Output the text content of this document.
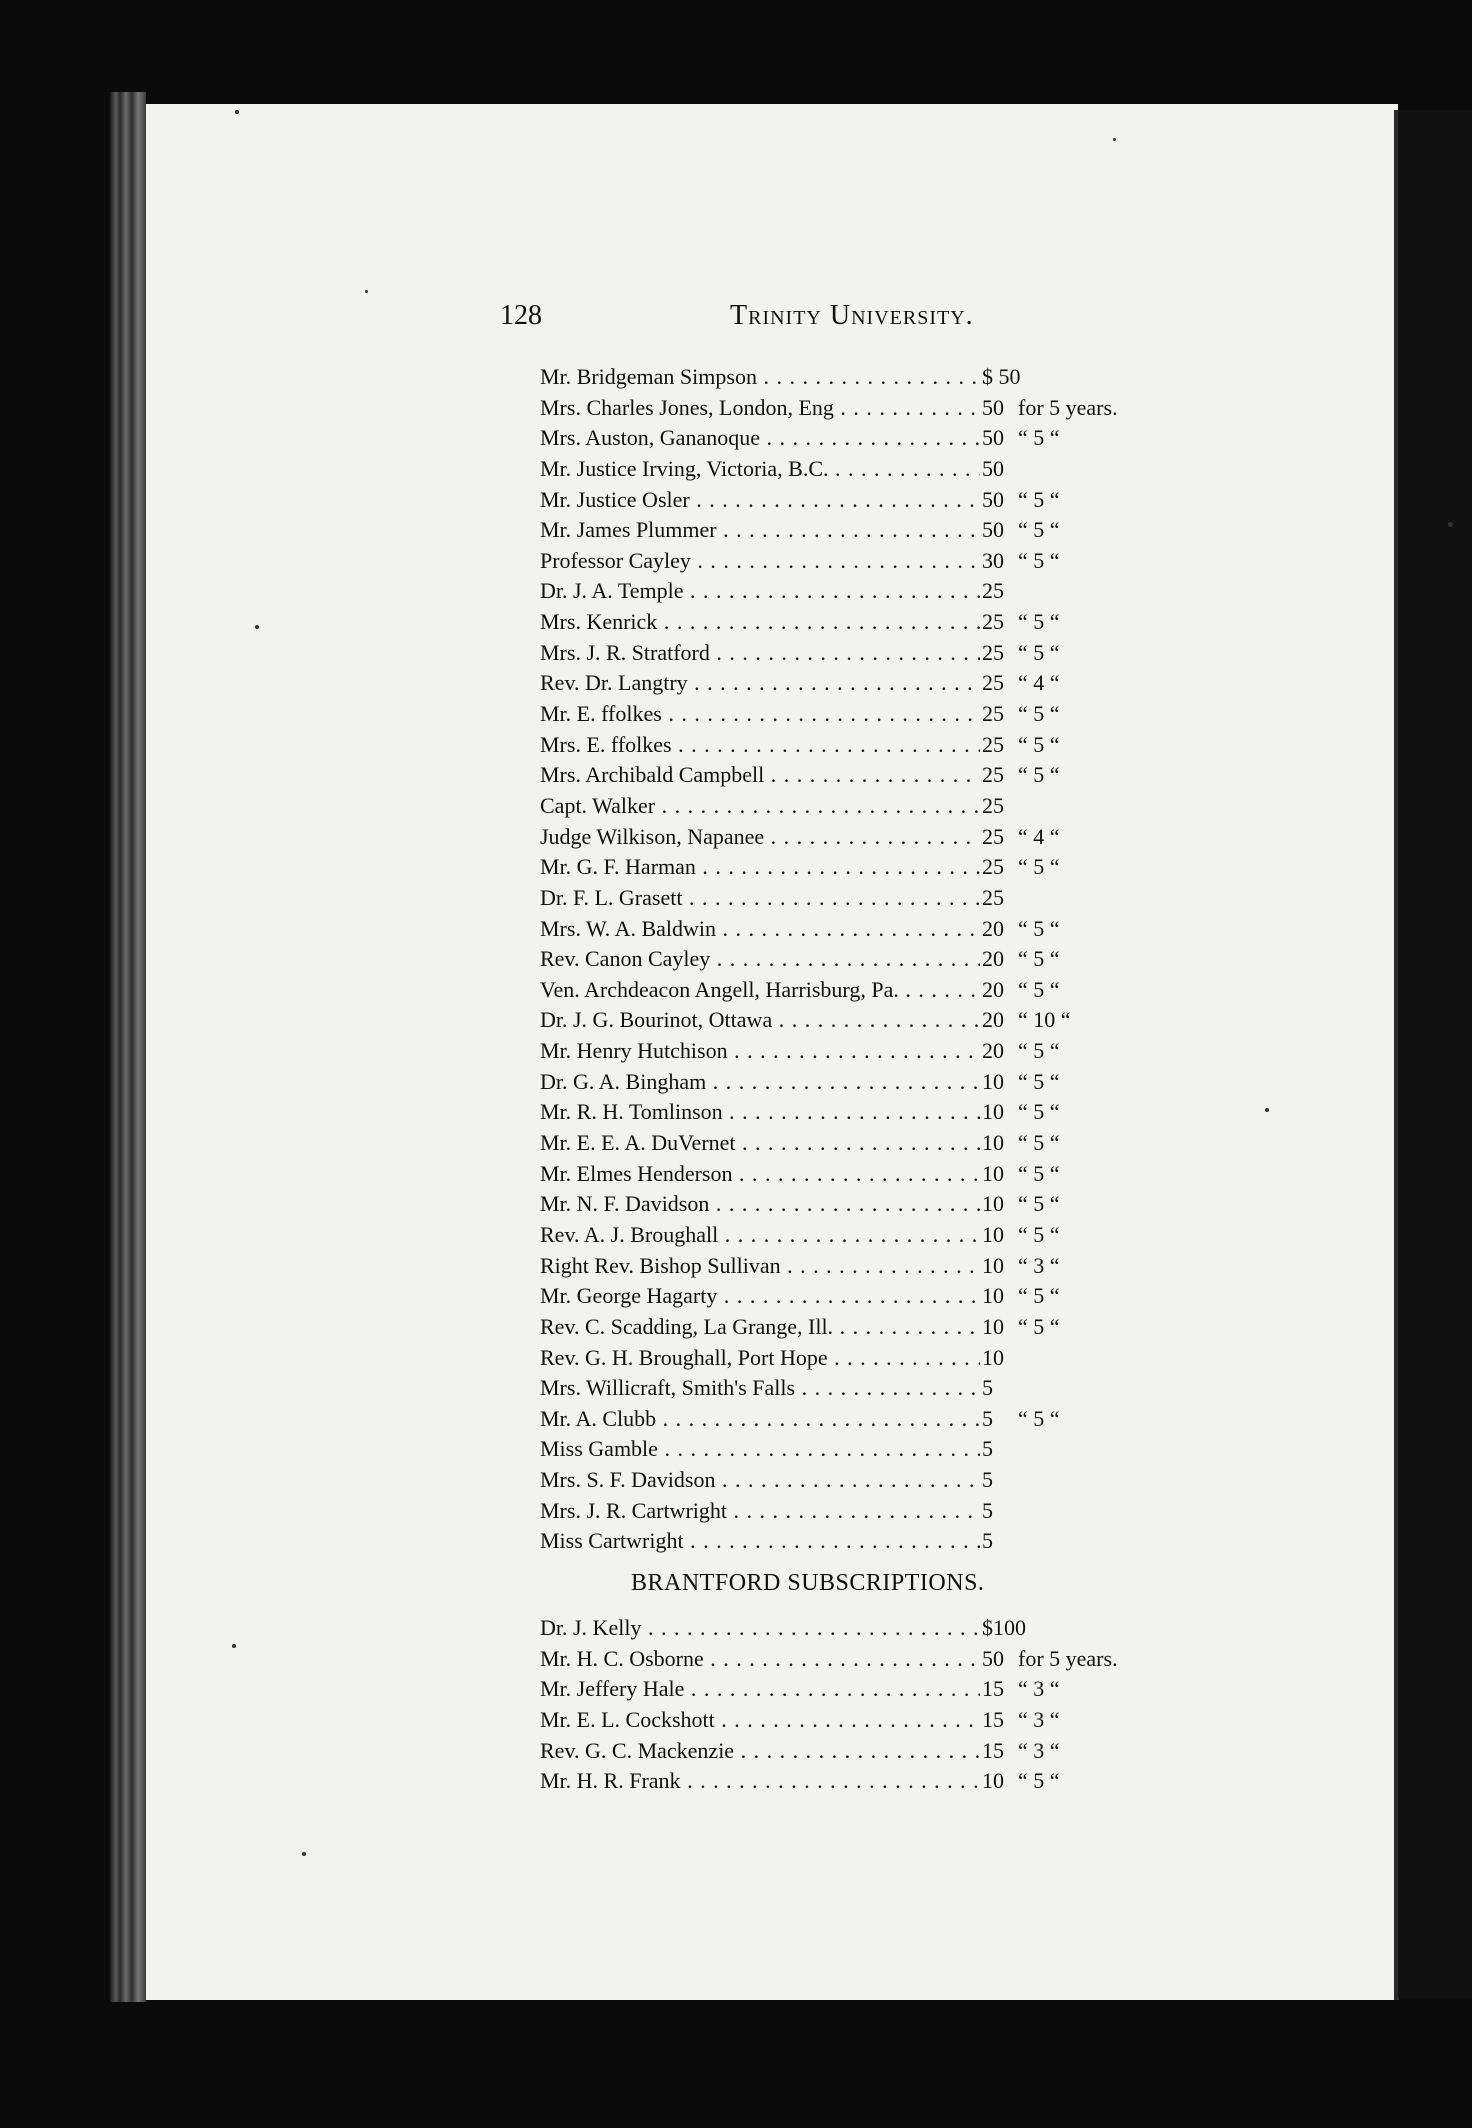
128	Trinity University.
Mr. Bridgeman Simpson . . .	$ 50
Mrs. Charles Jones, London, Eng . . .	50 for 5 years.
Mrs. Auston, Gananoque . . .	50 “ 5 “
Mr. Justice Irving, Victoria, B.C. . . .	50
Mr. Justice Osler . . .	50 “ 5 “
Mr. James Plummer . . .	50 “ 5 “
Professor Cayley . . .	30 “ 5 “
Dr. J. A. Temple . . .	25
Mrs. Kenrick . . .	25 “ 5 “
Mrs. J. R. Stratford . . .	25 “ 5 “
Rev. Dr. Langtry . . .	25 “ 4 “
Mr. E. ffolkes . . .	25 “ 5 “
Mrs. E. ffolkes . . .	25 “ 5 “
Mrs. Archibald Campbell . . .	25 “ 5 “
Capt. Walker . . .	25
Judge Wilkison, Napanee . . .	25 “ 4 “
Mr. G. F. Harman . . .	25 “ 5 “
Dr. F. L. Grasett . . .	25
Mrs. W. A. Baldwin . . .	20 “ 5 “
Rev. Canon Cayley . . .	20 “ 5 “
Ven. Archdeacon Angell, Harrisburg, Pa. . . .	20 “ 5 “
Dr. J. G. Bourinot, Ottawa . . .	20 “ 10 “
Mr. Henry Hutchison . . .	20 “ 5 “
Dr. G. A. Bingham . . .	10 “ 5 “
Mr. R. H. Tomlinson . . .	10 “ 5 “
Mr. E. E. A. DuVernet . . .	10 “ 5 “
Mr. Elmes Henderson . . .	10 “ 5 “
Mr. N. F. Davidson . . .	10 “ 5 “
Rev. A. J. Broughall . . .	10 “ 5 “
Right Rev. Bishop Sullivan . . .	10 “ 3 “
Mr. George Hagarty . . .	10 “ 5 “
Rev. C. Scadding, La Grange, Ill. . . .	10 “ 5 “
Rev. G. H. Broughall, Port Hope . . .	10
Mrs. Willicraft, Smith's Falls . . .	5
Mr. A. Clubb . . .	5 “ 5 “
Miss Gamble . . .	5
Mrs. S. F. Davidson . . .	5
Mrs. J. R. Cartwright . . .	5
Miss Cartwright . . .	5
BRANTFORD SUBSCRIPTIONS.
Dr. J. Kelly . . .	$100
Mr. H. C. Osborne . . .	50 for 5 years.
Mr. Jeffery Hale . . .	15 “ 3 “
Mr. E. L. Cockshott . . .	15 “ 3 “
Rev. G. C. Mackenzie . . .	15 “ 3 “
Mr. H. R. Frank . . .	10 “ 5 “
